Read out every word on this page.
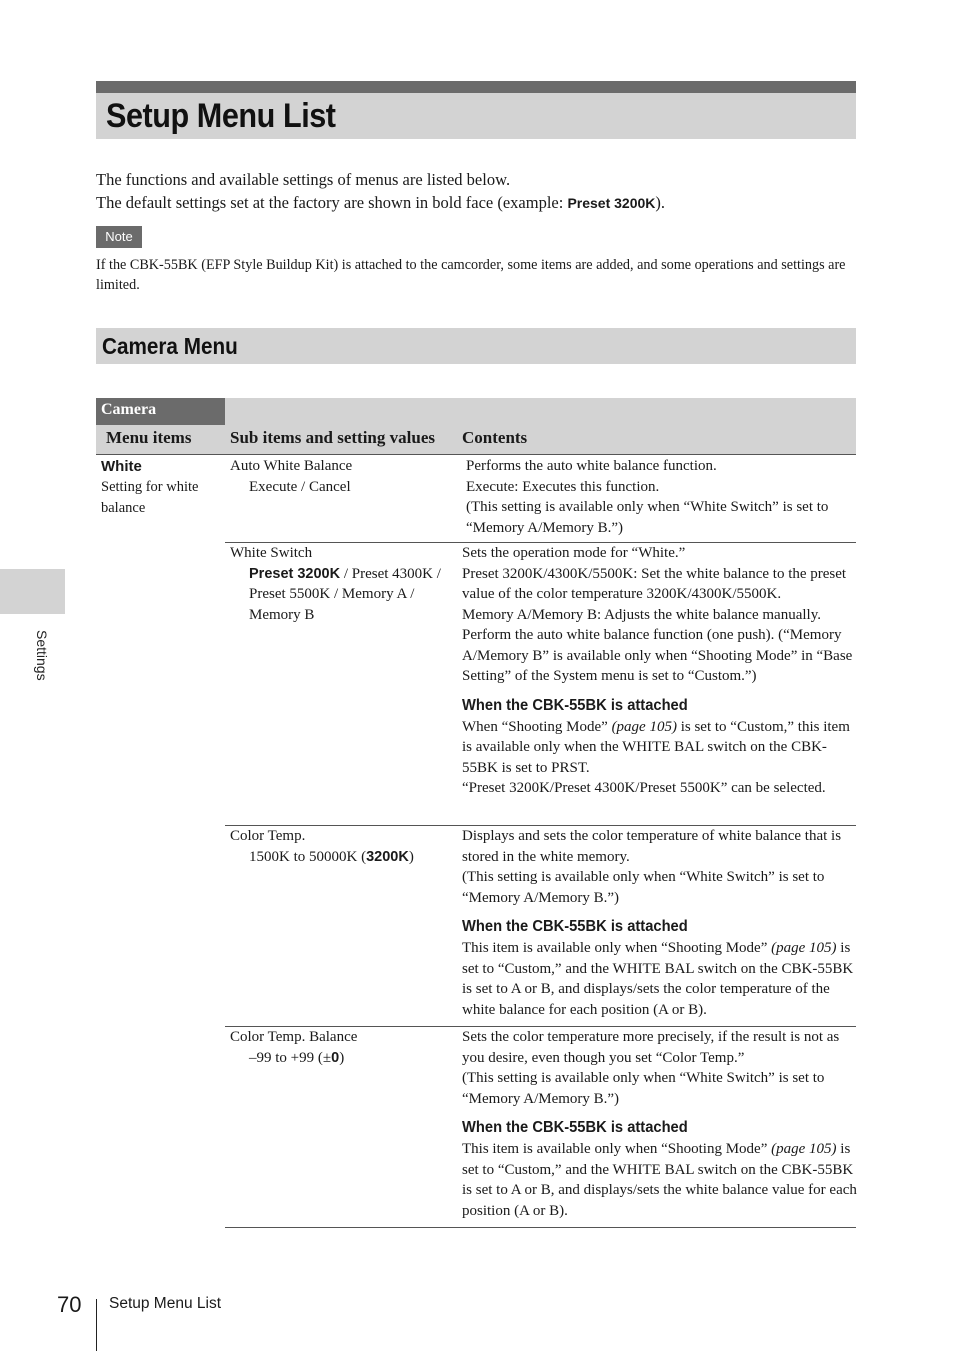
Setup Menu List
The functions and available settings of menus are listed below.
The default settings set at the factory are shown in bold face (example: Preset 3200K).
Note
If the CBK-55BK (EFP Style Buildup Kit) is attached to the camcorder, some items are added, and some operations and settings are limited.
Camera Menu
Camera
Menu items Sub items and setting values Contents
White
Setting for white balance
Auto White Balance
Execute / Cancel

Performs the auto white balance function.

Execute: Executes this function.

(This setting is available only when “White Switch” is set to “Memory A/Memory B.”)

White Switch
Preset 3200K / Preset 4300K / Preset 5500K / Memory A / Memory B

Sets the operation mode for “White.”

Preset 3200K/4300K/5500K: Set the white balance to the preset value of the color temperature 3200K/4300K/5500K.

Memory A/Memory B: Adjusts the white balance manually. Perform the auto white balance function (one push). (“Memory A/Memory B” is available only when “Shooting Mode” in “Base Setting” of the System menu is set to “Custom.”)

When the CBK-55BK is attached

When “Shooting Mode” (page 105) is set to “Custom,” this item is available only when the WHITE BAL switch on the CBK-55BK is set to PRST.

“Preset 3200K/Preset 4300K/Preset 5500K” can be selected.

Color Temp.
1500K to 50000K (3200K)

Displays and sets the color temperature of white balance that is stored in the white memory.

(This setting is available only when “White Switch” is set to “Memory A/Memory B.”)

When the CBK-55BK is attached

This item is available only when “Shooting Mode” (page 105) is set to “Custom,” and the WHITE BAL switch on the CBK-55BK is set to A or B, and displays/sets the color temperature of the white balance for each position (A or B).

Color Temp. Balance
–99 to +99 (±0)

Sets the color temperature more precisely, if the result is not as you desire, even though you set “Color Temp.”

(This setting is available only when “White Switch” is set to “Memory A/Memory B.”)

When the CBK-55BK is attached

This item is available only when “Shooting Mode” (page 105) is set to “Custom,” and the WHITE BAL switch on the CBK-55BK is set to A or B, and displays/sets the white balance value for each position (A or B).

Settings
70 Setup Menu List
